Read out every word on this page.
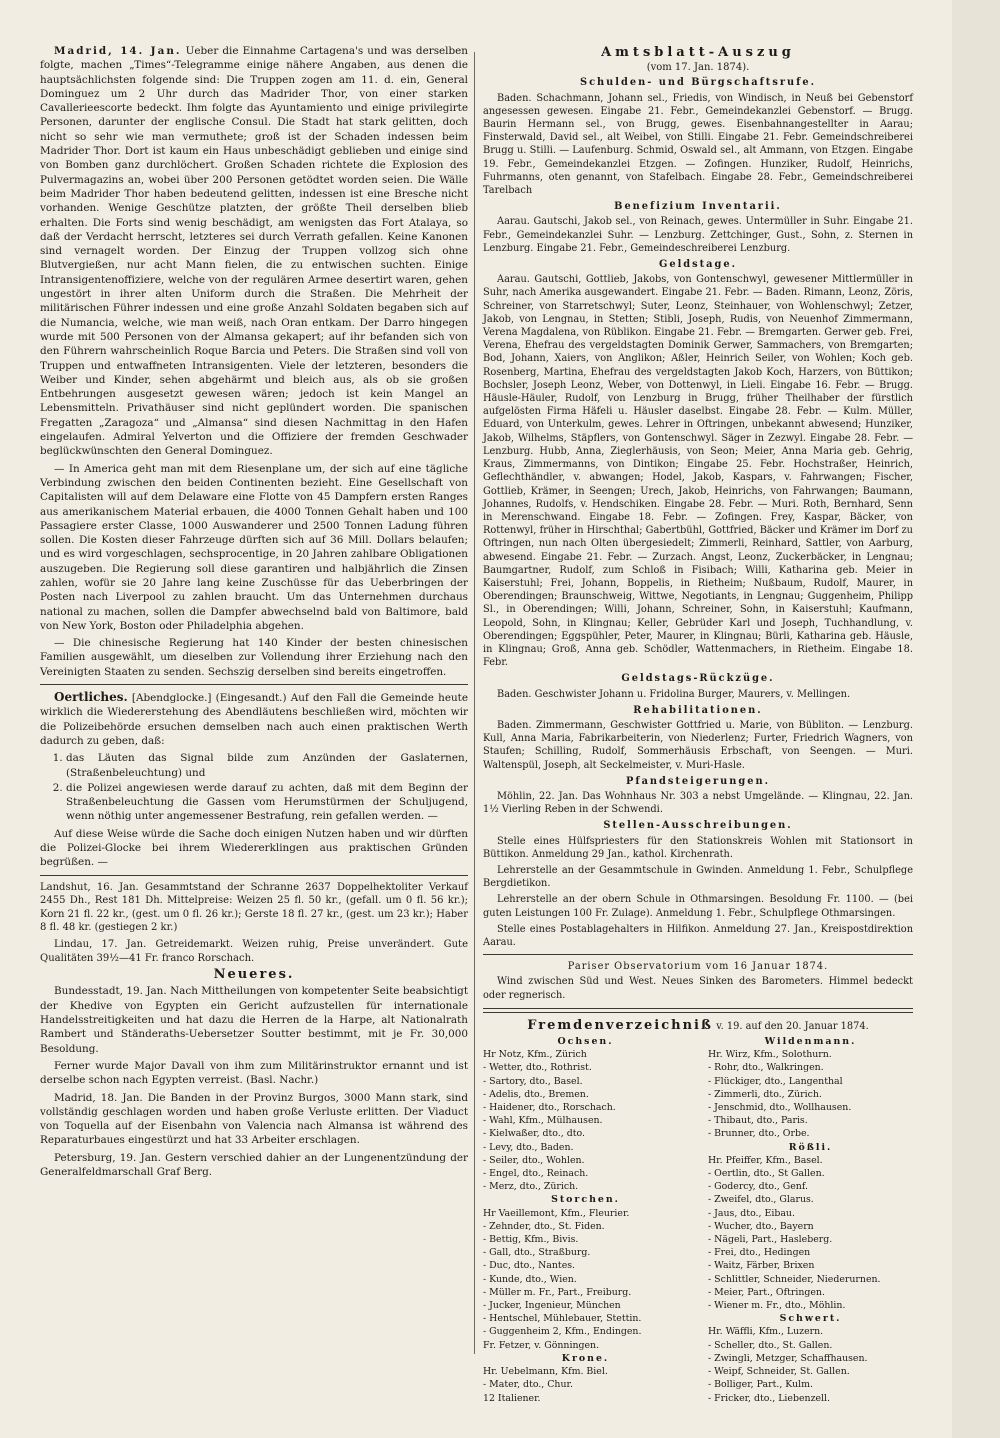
Madrid, 14. Jan. Ueber die Einnahme Cartagena's und was derselben folgte, machen „Times“-Telegramme einige nähere Angaben, aus denen die hauptsächlichsten folgende sind: Die Truppen zogen am 11. d. ein, General Dominguez um 2 Uhr durch das Madrider Thor, von einer starken Cavallerieescorte bedeckt. Ihm folgte das Ayuntamiento und einige privilegirte Personen, darunter der englische Consul. Die Stadt hat stark gelitten, doch nicht so sehr wie man vermuthete; groß ist der Schaden indessen beim Madrider Thor. Dort ist kaum ein Haus unbeschädigt geblieben und einige sind von Bomben ganz durchlöchert. Großen Schaden richtete die Explosion des Pulvermagazins an, wobei über 200 Personen getödtet worden seien. Die Wälle beim Madrider Thor haben bedeutend gelitten, indessen ist eine Bresche nicht vorhanden. Wenige Geschütze platzten, der größte Theil derselben blieb erhalten. Die Forts sind wenig beschädigt, am wenigsten das Fort Atalaya, so daß der Verdacht herrscht, letzteres sei durch Verrath gefallen. Keine Kanonen sind vernagelt worden. Der Einzug der Truppen vollzog sich ohne Blutvergießen, nur acht Mann fielen, die zu entwischen suchten. Einige Intransigentenoffiziere, welche von der regulären Armee desertirt waren, gehen ungestört in ihrer alten Uniform durch die Straßen. Die Mehrheit der militärischen Führer indessen und eine große Anzahl Soldaten begaben sich auf die Numancia, welche, wie man weiß, nach Oran entkam. Der Darro hingegen wurde mit 500 Personen von der Almansa gekapert; auf ihr befanden sich von den Führern wahrscheinlich Roque Barcia und Peters. Die Straßen sind voll von Truppen und entwaffneten Intransigenten. Viele der letzteren, besonders die Weiber und Kinder, sehen abgehärmt und bleich aus, als ob sie großen Entbehrungen ausgesetzt gewesen wären; jedoch ist kein Mangel an Lebensmitteln. Privathäuser sind nicht geplündert worden. Die spanischen Fregatten „Zaragoza“ und „Almansa“ sind diesen Nachmittag in den Hafen eingelaufen. Admiral Yelverton und die Offiziere der fremden Geschwader beglückwünschten den General Dominguez.

— In America geht man mit dem Riesenplane um, der sich auf eine tägliche Verbindung zwischen den beiden Continenten bezieht. Eine Gesellschaft von Capitalisten will auf dem Delaware eine Flotte von 45 Dampfern ersten Ranges aus amerikanischem Material erbauen, die 4000 Tonnen Gehalt haben und 100 Passagiere erster Classe, 1000 Auswanderer und 2500 Tonnen Ladung führen sollen. Die Kosten dieser Fahrzeuge dürften sich auf 36 Mill. Dollars belaufen; und es wird vorgeschlagen, sechsprocentige, in 20 Jahren zahlbare Obligationen auszugeben. Die Regierung soll diese garantiren und halbjährlich die Zinsen zahlen, wofür sie 20 Jahre lang keine Zuschüsse für das Ueberbringen der Posten nach Liverpool zu zahlen braucht. Um das Unternehmen durchaus national zu machen, sollen die Dampfer abwechselnd bald von Baltimore, bald von New York, Boston oder Philadelphia abgehen.

— Die chinesische Regierung hat 140 Kinder der besten chinesischen Familien ausgewählt, um dieselben zur Vollendung ihrer Erziehung nach den Vereinigten Staaten zu senden. Sechszig derselben sind bereits eingetroffen.

Oertliches. [Abendglocke.] (Eingesandt.) Auf den Fall die Gemeinde heute wirklich die Wiedererstehung des Abendläutens beschließen wird, möchten wir die Polizeibehörde ersuchen demselben nach auch einen praktischen Werth dadurch zu geben, daß:

1. das Läuten das Signal bilde zum Anzünden der Gaslaternen, (Straßenbeleuchtung) und
2. die Polizei angewiesen werde darauf zu achten, daß mit dem Beginn der Straßenbeleuchtung die Gassen vom Herumstürmen der Schuljugend, wenn nöthig unter angemessener Bestrafung, rein gefallen werden. —

Auf diese Weise würde die Sache doch einigen Nutzen haben und wir dürften die Polizei-Glocke bei ihrem Wiedererklingen aus praktischen Gründen begrüßen. —

Landshut, 16. Jan. Gesammtstand der Schranne 2637 Doppelhektoliter Verkauf 2455 Dh., Rest 181 Dh. Mittelpreise: Weizen 25 fl. 50 kr., (gefall. um 0 fl. 56 kr.); Korn 21 fl. 22 kr., (gest. um 0 fl. 26 kr.); Gerste 18 fl. 27 kr., (gest. um 23 kr.); Haber 8 fl. 48 kr. (gestiegen 2 kr.)

Lindau, 17. Jan. Getreidemarkt. Weizen ruhig, Preise unverändert. Gute Qualitäten 39½—41 Fr. franco Rorschach.

Neueres.

Bundesstadt, 19. Jan. Nach Mittheilungen von kompetenter Seite beabsichtigt der Khedive von Egypten ein Gericht aufzustellen für internationale Handelsstreitigkeiten und hat dazu die Herren de la Harpe, alt Nationalrath Rambert und Ständeraths-Uebersetzer Soutter bestimmt, mit je Fr. 30,000 Besoldung.

Ferner wurde Major Davall von ihm zum Militärinstruktor ernannt und ist derselbe schon nach Egypten verreist. (Basl. Nachr.)

Madrid, 18. Jan. Die Banden in der Provinz Burgos, 3000 Mann stark, sind vollständig geschlagen worden und haben große Verluste erlitten. Der Viaduct von Toquella auf der Eisenbahn von Valencia nach Almansa ist während des Reparaturbaues eingestürzt und hat 33 Arbeiter erschlagen.

Petersburg, 19. Jan. Gestern verschied dahier an der Lungenentzündung der Generalfeldmarschall Graf Berg.

Amtsblatt-Auszug
(vom 17. Jan. 1874).
Schulden- und Bürgschaftsrufe.

Baden. Schachmann, Johann sel., Friedis, von Windisch, in Neuß bei Gebenstorf angesessen gewesen. Eingabe 21. Febr., Gemeindekanzlei Gebenstorf. — Brugg. Baurin Hermann sel., von Brugg, gewes. Eisenbahnangestellter in Aarau; Finsterwald, David sel., alt Weibel, von Stilli. Eingabe 21. Febr. Gemeindschreiberei Brugg u. Stilli. — Laufenburg. Schmid, Oswald sel., alt Ammann, von Etzgen. Eingabe 19. Febr., Gemeindekanzlei Etzgen. — Zofingen. Hunziker, Rudolf, Heinrichs, Fuhrmanns, oten genannt, von Stafelbach. Eingabe 28. Febr., Gemeindschreiberei Tarelbach

Benefizium Inventarii.

Aarau. Gautschi, Jakob sel., von Reinach, gewes. Untermüller in Suhr. Eingabe 21. Febr., Gemeindekanzlei Suhr. — Lenzburg. Zettchinger, Gust., Sohn, z. Sternen in Lenzburg. Eingabe 21. Febr., Gemeindeschreiberei Lenzburg.

Geldstage.

Aarau. Gautschi, Gottlieb, Jakobs, von Gontenschwyl, gewesener Mittlermüller in Suhr, nach Amerika ausgewandert. Eingabe 21. Febr. — Baden. Rimann, Leonz, Zöris, Schreiner, von Starretschwyl; Suter, Leonz, Steinhauer, von Wohlenschwyl; Zetzer, Jakob, von Lengnau, in Stetten; Stibli, Joseph, Rudis, von Neuenhof Zimmermann, Verena Magdalena, von Rüblikon. Eingabe 21. Febr. — Bremgarten. Gerwer geb. Frei, Verena, Ehefrau des vergeldstagten Dominik Gerwer, Sammachers, von Bremgarten; Bod, Johann, Xaiers, von Anglikon; Aßler, Heinrich Seiler, von Wohlen; Koch geb. Rosenberg, Martina, Ehefrau des vergeldstagten Jakob Koch, Harzers, von Büttikon; Bochsler, Joseph Leonz, Weber, von Dottenwyl, in Lieli. Eingabe 16. Febr. — Brugg. Häusle-Häuler, Rudolf, von Lenzburg in Brugg, früher Theilhaber der fürstlich aufgelösten Firma Häfeli u. Häusler daselbst. Eingabe 28. Febr. — Kulm. Müller, Eduard, von Unterkulm, gewes. Lehrer in Oftringen, unbekannt abwesend; Hunziker, Jakob, Wilhelms, Stäpflers, von Gontenschwyl. Säger in Zezwyl. Eingabe 28. Febr. — Lenzburg. Hubb, Anna, Zieglerhäusis, von Seon; Meier, Anna Maria geb. Gehrig, Kraus, Zimmermanns, von Dintikon; Eingabe 25. Febr. Hochstraßer, Heinrich, Geflechthändler, v. abwangen; Hodel, Jakob, Kaspars, v. Fahrwangen; Fischer, Gottlieb, Krämer, in Seengen; Urech, Jakob, Heinrichs, von Fahrwangen; Baumann, Johannes, Rudolfs, v. Hendschiken. Eingabe 28. Febr. — Muri. Roth, Bernhard, Senn in Merenschwand. Eingabe 18. Febr. — Zofingen. Frey, Kaspar, Bäcker, von Rottenwyl, früher in Hirschthal; Gabertbühl, Gottfried, Bäcker und Krämer im Dorf zu Oftringen, nun nach Olten übergesiedelt; Zimmerli, Reinhard, Sattler, von Aarburg, abwesend. Eingabe 21. Febr. — Zurzach. Angst, Leonz, Zuckerbäcker, in Lengnau; Baumgartner, Rudolf, zum Schloß in Fisibach; Willi, Katharina geb. Meier in Kaiserstuhl; Frei, Johann, Boppelis, in Rietheim; Nußbaum, Rudolf, Maurer, in Oberendingen; Braunschweig, Wittwe, Negotiants, in Lengnau; Guggenheim, Philipp Sl., in Oberendingen; Willi, Johann, Schreiner, Sohn, in Kaiserstuhl; Kaufmann, Leopold, Sohn, in Klingnau; Keller, Gebrüder Karl und Joseph, Tuchhandlung, v. Oberendingen; Eggspühler, Peter, Maurer, in Klingnau; Bürli, Katharina geb. Häusle, in Klingnau; Groß, Anna geb. Schödler, Wattenmachers, in Rietheim. Eingabe 18. Febr.

Geldstags-Rückzüge.

Baden. Geschwister Johann u. Fridolina Burger, Maurers, v. Mellingen.

Rehabilitationen.

Baden. Zimmermann, Geschwister Gottfried u. Marie, von Bübliton. — Lenzburg. Kull, Anna Maria, Fabrikarbeiterin, von Niederlenz; Furter, Friedrich Wagners, von Staufen; Schilling, Rudolf, Sommerhäusis Erbschaft, von Seengen. — Muri. Waltenspül, Joseph, alt Seckelmeister, v. Muri-Hasle.

Pfandsteigerungen.

Möhlin, 22. Jan. Das Wohnhaus Nr. 303 a nebst Umgelände. — Klingnau, 22. Jan. 1½ Vierling Reben in der Schwendi.

Stellen-Ausschreibungen.

Stelle eines Hülfspriesters für den Stationskreis Wohlen mit Stationsort in Büttikon. Anmeldung 29 Jan., kathol. Kirchenrath.

Lehrerstelle an der Gesammtschule in Gwinden. Anmeldung 1. Febr., Schulpflege Bergdietikon.

Lehrerstelle an der obern Schule in Othmarsingen. Besoldung Fr. 1100. — (bei guten Leistungen 100 Fr. Zulage). Anmeldung 1. Febr., Schulpflege Othmarsingen.

Stelle eines Postablagehalters in Hilfikon. Anmeldung 27. Jan., Kreispostdirektion Aarau.

Pariser Observatorium vom 16 Januar 1874.

Wind zwischen Süd und West. Neues Sinken des Barometers. Himmel bedeckt oder regnerisch.

Fremdenverzeichniß v. 19. auf den 20. Januar 1874.
Ochsen.
Hr Notz, Kfm., Zürich
- Wetter, dto., Rothrist.
- Sartory, dto., Basel.
- Adelis, dto., Bremen.
- Haidener, dto., Rorschach.
- Wahl, Kfm., Mülhausen.
- Kielwaßer, dto., dto.
- Levy, dto., Baden.
- Seiler, dto., Wohlen.
- Engel, dto., Reinach.
- Merz, dto., Zürich.
Storchen.
Hr Vaeillemont, Kfm., Fleurier.
- Zehnder, dto., St. Fiden.
- Bettig, Kfm., Bivis.
- Gall, dto., Straßburg.
- Duc, dto., Nantes.
- Kunde, dto., Wien.
- Müller m. Fr., Part., Freiburg.
- Jucker, Ingenieur, München
- Hentschel, Mühlebauer, Stettin.
- Guggenheim 2, Kfm., Endingen.
Fr. Fetzer, v. Gönningen.
Krone.
Hr. Uebelmann, Kfm. Biel.
- Mater, dto., Chur.
12 Italiener.
Wildenmann.
Hr. Wirz, Kfm., Solothurn.
- Rohr, dto., Walkringen.
- Flückiger, dto., Langenthal
- Zimmerli, dto., Zürich.
- Jenschmid, dto., Wollhausen.
- Thibaut, dto., Paris.
- Brunner, dto., Orbe.
Rößli.
Hr. Pfeiffer, Kfm., Basel.
- Oertlin, dto., St Gallen.
- Godercy, dto., Genf.
- Zweifel, dto., Glarus.
- Jaus, dto., Eibau.
- Wucher, dto., Bayern
- Nägeli, Part., Hasleberg.
- Frei, dto., Hedingen
- Waitz, Färber, Brixen
- Schlittler, Schneider, Niederurnen.
- Meier, Part., Oftringen.
- Wiener m. Fr., dto., Möhlin.
Schwert.
Hr. Wäffli, Kfm., Luzern.
- Scheller, dto., St. Gallen.
- Zwingli, Metzger, Schaffhausen.
- Weipf, Schneider, St. Gallen.
- Bolliger, Part., Kulm.
- Fricker, dto., Liebenzell.
